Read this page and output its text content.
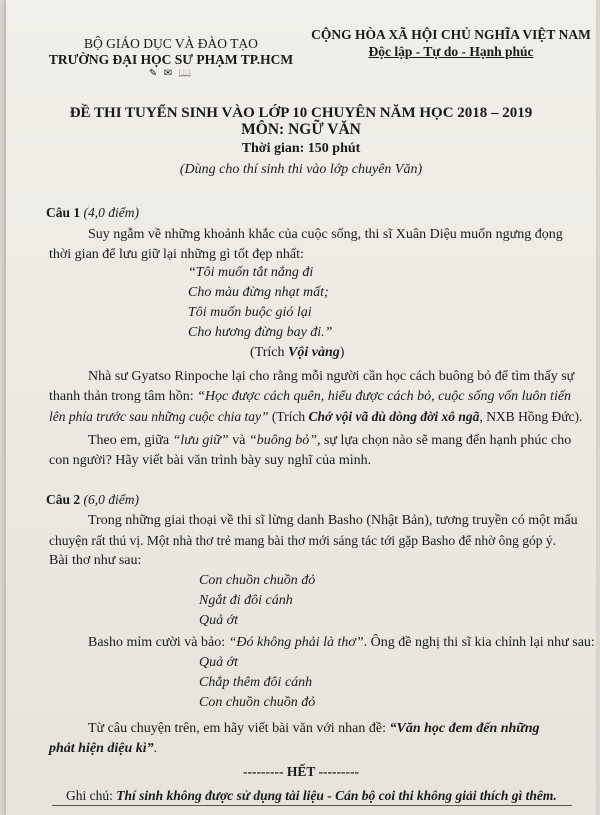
BỘ GIÁO DỤC VÀ ĐÀO TẠO
TRƯỜNG ĐẠI HỌC SƯ PHẠM TP.HCM
✎ ✉ 📖
CỘNG HÒA XÃ HỘI CHỦ NGHĨA VIỆT NAM
Độc lập - Tự do - Hạnh phúc
ĐỀ THI TUYỂN SINH VÀO LỚP 10 CHUYÊN NĂM HỌC 2018 – 2019
MÔN: NGỮ VĂN
Thời gian: 150 phút
(Dùng cho thí sinh thi vào lớp chuyên Văn)
Câu 1 (4,0 điểm)
Suy ngẫm về những khoảnh khắc của cuộc sống, thi sĩ Xuân Diệu muốn ngưng đọng
thời gian để lưu giữ lại những gì tốt đẹp nhất:
“Tôi muốn tắt nắng đi
Cho màu đừng nhạt mất;
Tôi muốn buộc gió lại
Cho hương đừng bay đi.”
(Trích Vội vàng)
Nhà sư Gyatso Rinpoche lại cho rằng mỗi người cần học cách buông bỏ để tìm thấy sự
thanh thản trong tâm hồn: “Học được cách quên, hiểu được cách bỏ, cuộc sống vốn luôn tiến
lên phía trước sau những cuộc chia tay” (Trích Chớ vội vã dù dòng đời xô ngã, NXB Hồng Đức).
Theo em, giữa “lưu giữ” và “buông bỏ”, sự lựa chọn nào sẽ mang đến hạnh phúc cho
con người? Hãy viết bài văn trình bày suy nghĩ của mình.
Câu 2 (6,0 điểm)
Trong những giai thoại về thi sĩ lừng danh Basho (Nhật Bản), tương truyền có một mẩu
chuyện rất thú vị. Một nhà thơ trẻ mang bài thơ mới sáng tác tới gặp Basho để nhờ ông góp ý.
Bài thơ như sau:
Con chuồn chuồn đỏ
Ngắt đi đôi cánh
Quả ớt
Basho mỉm cười và bảo: “Đó không phải là thơ”. Ông đề nghị thi sĩ kia chỉnh lại như sau:
Quả ớt
Chắp thêm đôi cánh
Con chuồn chuồn đỏ
Từ câu chuyện trên, em hãy viết bài văn với nhan đề: “Văn học đem đến những
phát hiện diệu kì”.
--------- HẾT ---------
Ghi chú: Thí sinh không được sử dụng tài liệu - Cán bộ coi thi không giải thích gì thêm.
